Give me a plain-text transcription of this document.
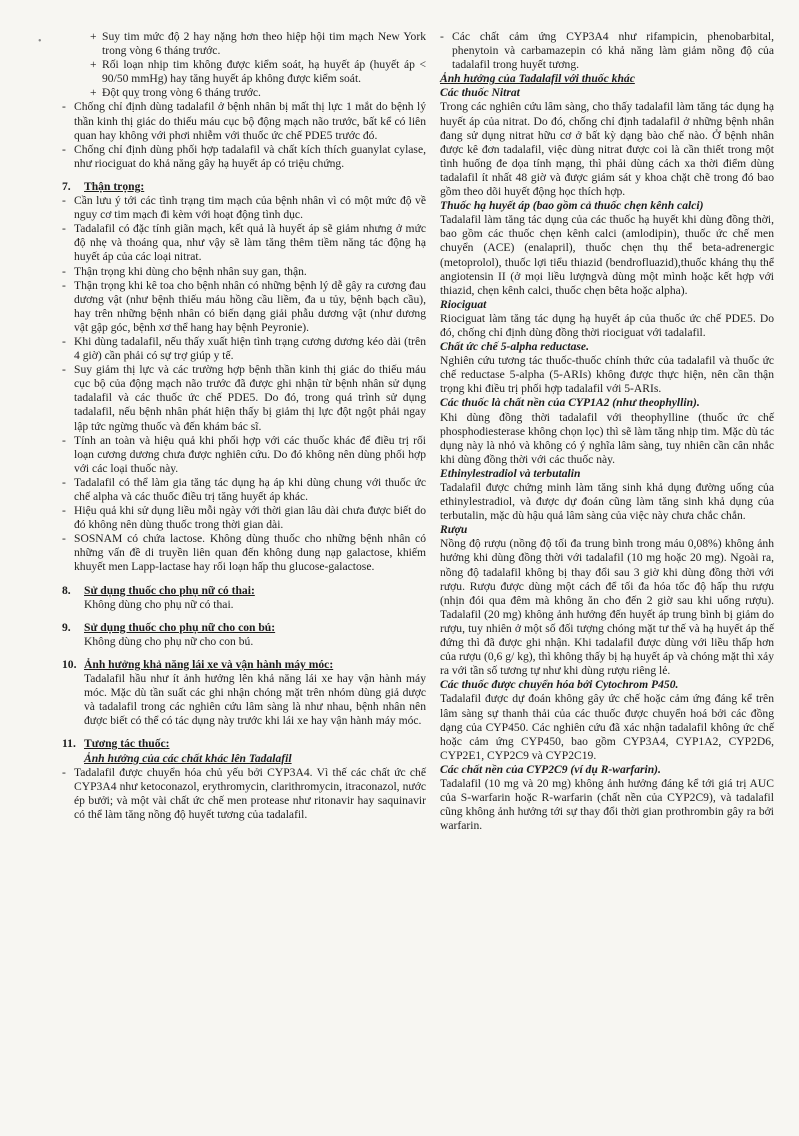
+ Suy tim mức độ 2 hay nặng hơn theo hiệp hội tim mạch New York trong vòng 6 tháng trước.

+ Rối loạn nhịp tim không được kiểm soát, hạ huyết áp (huyết áp < 90/50 mmHg) hay tăng huyết áp không được kiểm soát.

+ Đột quỵ trong vòng 6 tháng trước.

- Chống chỉ định dùng tadalafil ở bệnh nhân bị mất thị lực 1 mắt do bệnh lý thần kinh thị giác do thiếu máu cục bộ động mạch não trước, bất kể có liên quan hay không với phơi nhiễm với thuốc ức chế PDE5 trước đó.

- Chống chỉ định dùng phối hợp tadalafil và chất kích thích guanylat cylase, như riociguat do khả năng gây hạ huyết áp có triệu chứng.

7. Thận trọng:

- Cần lưu ý tới các tình trạng tim mạch của bệnh nhân vì có một mức độ về nguy cơ tim mạch đi kèm với hoạt động tình dục.

- Tadalafil có đặc tính giãn mạch, kết quả là huyết áp sẽ giảm nhưng ở mức độ nhẹ và thoáng qua, như vậy sẽ làm tăng thêm tiềm năng tác động hạ huyết áp của các loại nitrat.

- Thận trọng khi dùng cho bệnh nhân suy gan, thận.

- Thận trọng khi kê toa cho bệnh nhân có những bệnh lý dễ gây ra cương đau dương vật (như bệnh thiếu máu hồng cầu liềm, đa u tủy, bệnh bạch cầu), hay trên những bệnh nhân có biến dạng giải phẫu dương vật (như dương vật gập góc, bệnh xơ thể hang hay bệnh Peyronie).

- Khi dùng tadalafil, nếu thấy xuất hiện tình trạng cương dương kéo dài (trên 4 giờ) cần phải có sự trợ giúp y tế.

- Suy giảm thị lực và các trường hợp bệnh thần kinh thị giác do thiếu máu cục bộ của động mạch não trước đã được ghi nhận từ bệnh nhân sử dụng tadalafil và các thuốc ức chế PDE5. Do đó, trong quá trình sử dụng tadalafil, nếu bệnh nhân phát hiện thấy bị giảm thị lực đột ngột phải ngay lập tức ngừng thuốc và đến khám bác sĩ.

- Tính an toàn và hiệu quả khi phối hợp với các thuốc khác để điều trị rối loạn cương dương chưa được nghiên cứu. Do đó không nên dùng phối hợp với các loại thuốc này.

- Tadalafil có thể làm gia tăng tác dụng hạ áp khi dùng chung với thuốc ức chế alpha và các thuốc điều trị tăng huyết áp khác.

- Hiệu quả khi sử dụng liều mỗi ngày với thời gian lâu dài chưa được biết do đó không nên dùng thuốc trong thời gian dài.

- SOSNAM có chứa lactose. Không dùng thuốc cho những bệnh nhân có những vấn đề di truyền liên quan đến không dung nạp galactose, khiếm khuyết men Lapp-lactase hay rối loạn hấp thu glucose-galactose.

8. Sử dụng thuốc cho phụ nữ có thai:

Không dùng cho phụ nữ có thai.

9. Sử dụng thuốc cho phụ nữ cho con bú:

Không dùng cho phụ nữ cho con bú.

10. Ảnh hưởng khả năng lái xe và vận hành máy móc:

Tadalafil hầu như ít ảnh hưởng lên khả năng lái xe hay vận hành máy móc. Mặc dù tần suất các ghi nhận chóng mặt trên nhóm dùng giả dược và tadalafil trong các nghiên cứu lâm sàng là như nhau, bệnh nhân nên được biết có thể có tác dụng này trước khi lái xe hay vận hành máy móc.

11. Tương tác thuốc:

Ảnh hưởng của các chất khác lên Tadalafil

- Tadalafil được chuyển hóa chủ yếu bởi CYP3A4. Vì thế các chất ức chế CYP3A4 như ketoconazol, erythromycin, clarithromycin, itraconazol, nước ép bưởi; và một vài chất ức chế men protease như ritonavir hay saquinavir có thể làm tăng nồng độ huyết tương của tadalafil.

- Các chất cảm ứng CYP3A4 như rifampicin, phenobarbital, phenytoin và carbamazepin có khả năng làm giảm nồng độ của tadalafil trong huyết tương.

Ảnh hưởng của Tadalafil với thuốc khác

Các thuốc Nitrat

Trong các nghiên cứu lâm sàng, cho thấy tadalafil làm tăng tác dụng hạ huyết áp của nitrat. Do đó, chống chỉ định tadalafil ở những bệnh nhân đang sử dụng nitrat hữu cơ ở bất kỳ dạng bào chế nào. Ở bệnh nhân được kê đơn tadalafil, việc dùng nitrat được coi là cần thiết trong một tình huống đe dọa tính mạng, thì phải dùng cách xa thời điểm dùng tadalafil ít nhất 48 giờ và được giám sát y khoa chặt chẽ trong đó bao gồm theo dõi huyết động học thích hợp.

Thuốc hạ huyết áp (bao gồm cả thuốc chẹn kênh calci)

Tadalafil làm tăng tác dụng của các thuốc hạ huyết khi dùng đồng thời, bao gồm các thuốc chẹn kênh calci (amlodipin), thuốc ức chế men chuyển (ACE) (enalapril), thuốc chẹn thụ thể beta-adrenergic (metoprolol), thuốc lợi tiểu thiazid (bendrofluazid),thuốc kháng thụ thể angiotensin II (ở mọi liều lượngvà dùng một mình hoặc kết hợp với thiazid, chẹn kênh calci, thuốc chẹn bêta hoặc alpha).

Riociguat

Riociguat làm tăng tác dụng hạ huyết áp của thuốc ức chế PDE5. Do đó, chống chỉ định dùng đồng thời riociguat với tadalafil.

Chất ức chế 5-alpha reductase.

Nghiên cứu tương tác thuốc-thuốc chính thức của tadalafil và thuốc ức chế reductase 5-alpha (5-ARIs) không được thực hiện, nên cần thận trọng khi điều trị phối hợp tadalafil với 5-ARIs.

Các thuốc là chất nền của CYP1A2 (như theophyllin).

Khi dùng đồng thời tadalafil với theophylline (thuốc ức chế phosphodiesterase không chọn lọc) thì sẽ làm tăng nhịp tim. Mặc dù tác dụng này là nhỏ và không có ý nghĩa lâm sàng, tuy nhiên cần cân nhắc khi dùng đồng thời với các thuốc này.

Ethinylestradiol và terbutalin

Tadalafil được chứng minh làm tăng sinh khả dụng đường uống của ethinylestradiol, và được dự đoán cũng làm tăng sinh khả dụng của terbutalin, mặc dù hậu quả lâm sàng của việc này chưa chắc chắn.

Rượu

Nồng độ rượu (nồng độ tối đa trung bình trong máu 0,08%) không ảnh hưởng khi dùng đồng thời với tadalafil (10 mg hoặc 20 mg). Ngoài ra, nồng độ tadalafil không bị thay đổi sau 3 giờ khi dùng đồng thời với rượu. Rượu được dùng một cách để tối đa hóa tốc độ hấp thu rượu (nhịn đói qua đêm mà không ăn cho đến 2 giờ sau khi uống rượu). Tadalafil (20 mg) không ảnh hưởng đến huyết áp trung bình bị giảm do rượu, tuy nhiên ở một số đối tượng chóng mặt tư thế và hạ huyết áp thế đứng thì đã được ghi nhận. Khi tadalafil được dùng với liều thấp hơn của rượu (0,6 g/ kg), thì không thấy bị hạ huyết áp và chóng mặt thì xảy ra với tần số tương tự như khi dùng rượu riêng lẻ.

Các thuốc được chuyển hóa bởi Cytochrom P450.

Tadalafil được dự đoán không gây ức chế hoặc cảm ứng đáng kể trên lâm sàng sự thanh thải của các thuốc được chuyển hoá bởi các đồng dạng của CYP450. Các nghiên cứu đã xác nhận tadalafil không ức chế hoặc cảm ứng CYP450, bao gồm CYP3A4, CYP1A2, CYP2D6, CYP2E1, CYP2C9 và CYP2C19.

Các chất nền của CYP2C9 (ví dụ R-warfarin).

Tadalafil (10 mg và 20 mg) không ảnh hưởng đáng kể tới giá trị AUC của S-warfarin hoặc R-warfarin (chất nền của CYP2C9), và tadalafil cũng không ảnh hưởng tới sự thay đổi thời gian prothrombin gây ra bởi warfarin.

•
